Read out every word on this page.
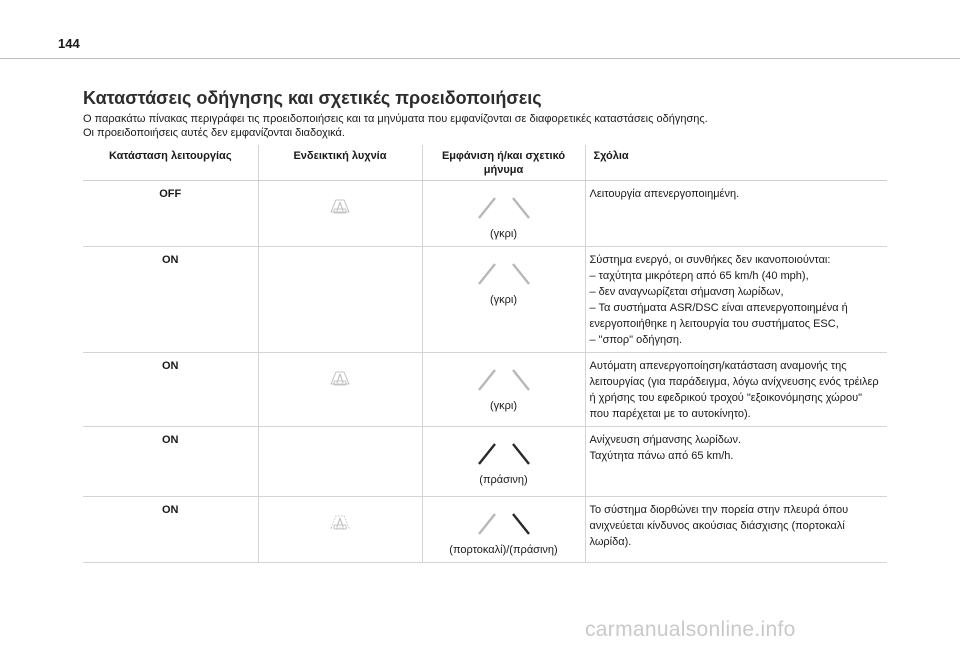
144
Καταστάσεις οδήγησης και σχετικές προειδοποιήσεις

Ο παρακάτω πίνακας περιγράφει τις προειδοποιήσεις και τα μηνύματα που εμφανίζονται σε διαφορετικές καταστάσεις οδήγησης.

Οι προειδοποιήσεις αυτές δεν εμφανίζονται διαδοχικά.

Κατάσταση λειτουργίας	Ενδεικτική λυχνία	Εμφάνιση ή/και σχετικό μήνυμα	Σχόλια
OFF		(γκρι)	Λειτουργία απενεργοποιημένη.

ON		(γκρι)	Σύστημα ενεργό, οι συνθήκες δεν ικανοποιούνται:
– ταχύτητα μικρότερη από 65 km/h (40 mph),
– δεν αναγνωρίζεται σήμανση λωρίδων,
– Τα συστήματα ASR/DSC είναι απενεργοποιημένα ή ενεργοποιήθηκε η λειτουργία του συστήματος ESC,
– "σπορ" οδήγηση.

ON		(γκρι)	Αυτόματη απενεργοποίηση/κατάσταση αναμονής της λειτουργίας (για παράδειγμα, λόγω ανίχνευσης ενός τρέιλερ ή χρήσης του εφεδρικού τροχού "εξοικονόμησης χώρου" που παρέχεται με το αυτοκίνητο).

ON		(πράσινη)	Ανίχνευση σήμανσης λωρίδων.
Ταχύτητα πάνω από 65 km/h.

ON		(πορτοκαλί)/(πράσινη)	Το σύστημα διορθώνει την πορεία στην πλευρά όπου ανιχνεύεται κίνδυνος ακούσιας διάσχισης (πορτοκαλί λωρίδα).
carmanualsonline.info
